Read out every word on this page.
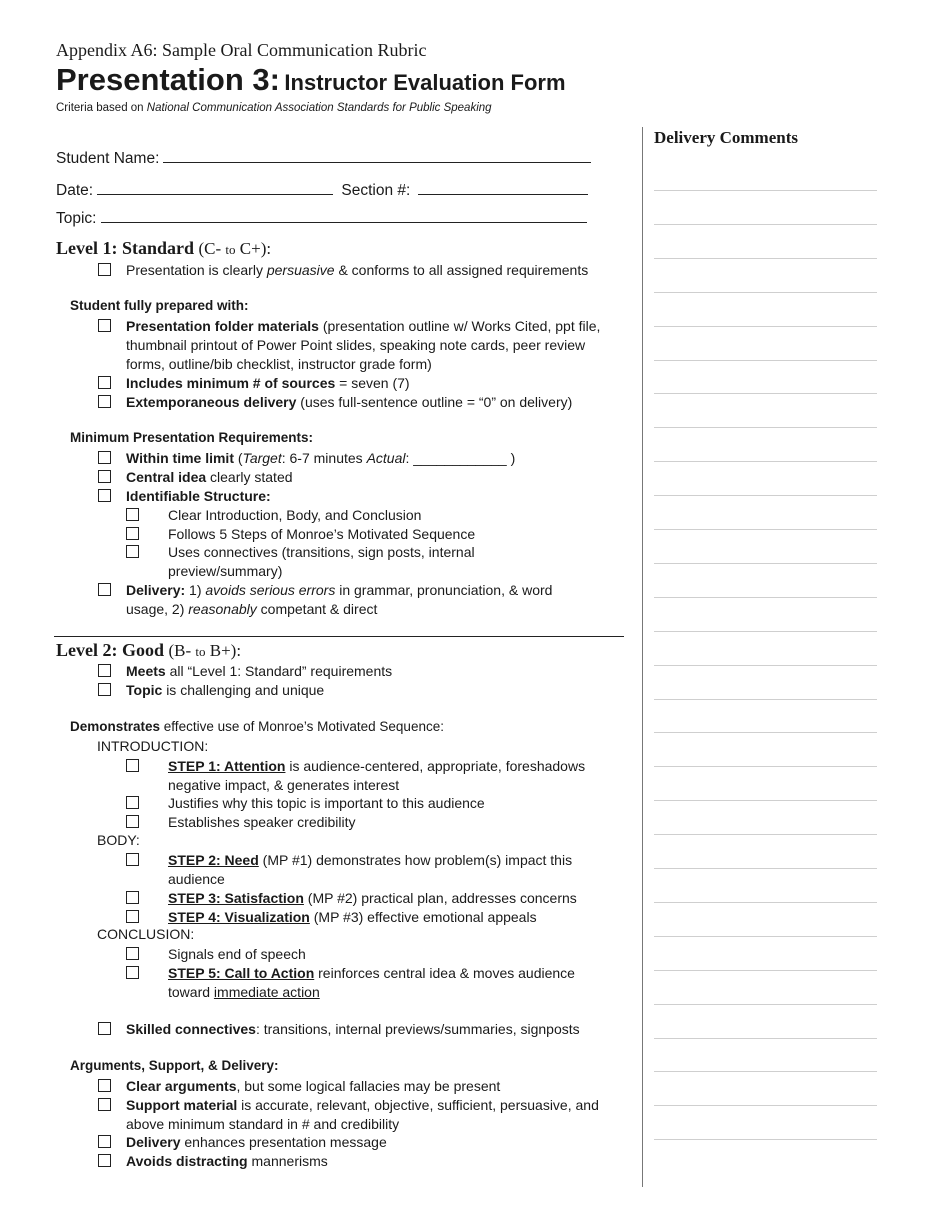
Appendix A6: Sample Oral Communication Rubric
Presentation 3: Instructor Evaluation Form
Criteria based on National Communication Association Standards for Public Speaking
Student Name:
Date:	Section #:
Topic:
Level 1: Standard (C- to C+):
Presentation is clearly persuasive & conforms to all assigned requirements
Student fully prepared with:
Presentation folder materials (presentation outline w/ Works Cited, ppt file, thumbnail printout of Power Point slides, speaking note cards, peer review forms, outline/bib checklist, instructor grade form)
Includes minimum # of sources = seven (7)
Extemporaneous delivery (uses full-sentence outline = “0” on delivery)
Minimum Presentation Requirements:
Within time limit (Target: 6-7 minutes Actual: ____________ )
Central idea clearly stated
Identifiable Structure:
Clear Introduction, Body, and Conclusion
Follows 5 Steps of Monroe’s Motivated Sequence
Uses connectives (transitions, sign posts, internal preview/summary)
Delivery: 1) avoids serious errors in grammar, pronunciation, & word usage, 2) reasonably competant & direct
Level 2: Good (B- to B+):
Meets all “Level 1: Standard” requirements
Topic is challenging and unique
Demonstrates effective use of Monroe’s Motivated Sequence:
INTRODUCTION:
STEP 1: Attention is audience-centered, appropriate, foreshadows negative impact, & generates interest
Justifies why this topic is important to this audience
Establishes speaker credibility
BODY:
STEP 2: Need (MP #1) demonstrates how problem(s) impact this audience
STEP 3: Satisfaction (MP #2) practical plan, addresses concerns
STEP 4: Visualization (MP #3) effective emotional appeals
CONCLUSION:
Signals end of speech
STEP 5: Call to Action reinforces central idea & moves audience toward immediate action
Skilled connectives: transitions, internal previews/summaries, signposts
Arguments, Support, & Delivery:
Clear arguments, but some logical fallacies may be present
Support material is accurate, relevant, objective, sufficient, persuasive, and above minimum standard in # and credibility
Delivery enhances presentation message
Avoids distracting mannerisms
Delivery Comments
